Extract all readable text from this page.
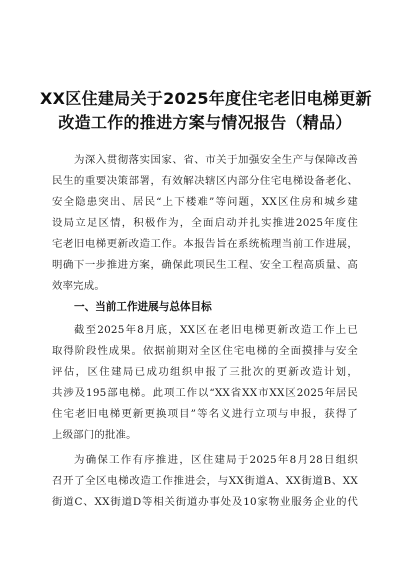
XX区住建局关于2025年度住宅老旧电梯更新
改造工作的推进方案与情况报告（精品）
为深入贯彻落实国家、省、市关于加强安全生产与保障改善
民生的重要决策部署，有效解决辖区内部分住宅电梯设备老化、
安全隐患突出、居民“上下楼难”等问题，XX区住房和城乡建
设局立足区情，积极作为，全面启动并扎实推进2025年度住
宅老旧电梯更新改造工作。本报告旨在系统梳理当前工作进展，
明确下一步推进方案，确保此项民生工程、安全工程高质量、高
效率完成。
一、当前工作进展与总体目标
截至2025年8月底，XX区在老旧电梯更新改造工作上已
取得阶段性成果。依据前期对全区住宅电梯的全面摸排与安全
评估，区住建局已成功组织申报了三批次的更新改造计划，
共涉及195部电梯。此项工作以“XX省XX市XX区2025年居民
住宅老旧电梯更新更换项目”等名义进行立项与申报，获得了
上级部门的批准。
为确保工作有序推进，区住建局于2025年8月28日组织
召开了全区电梯改造工作推进会，与XX街道A、XX街道B、XX
街道C、XX街道D等相关街道办事处及10家物业服务企业的代
